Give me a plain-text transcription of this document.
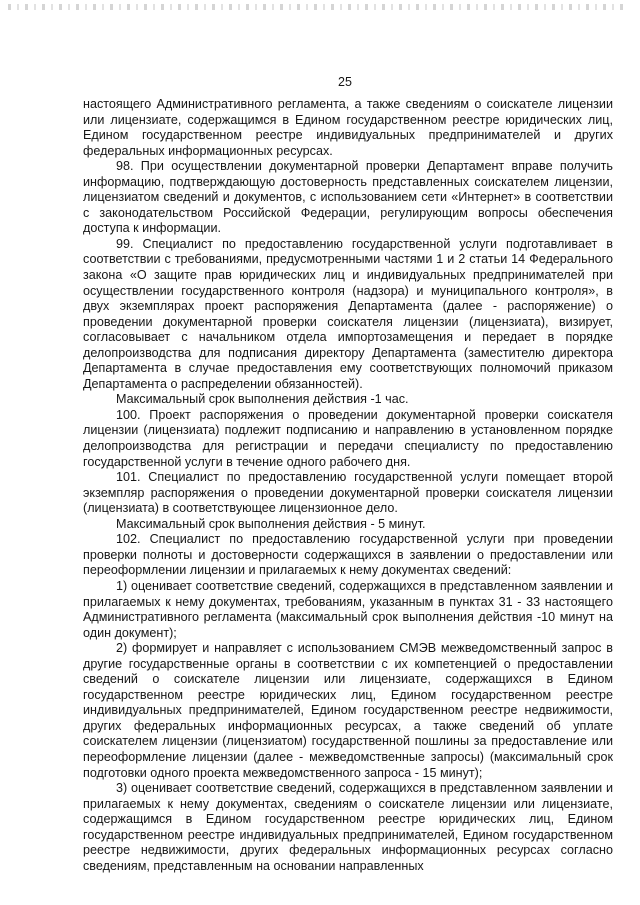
25

настоящего Административного регламента, а также сведениям о соискателе лицензии или лицензиате, содержащимся в Едином государственном реестре юридических лиц, Едином государственном реестре индивидуальных предпринимателей и других федеральных информационных ресурсах.

98. При осуществлении документарной проверки Департамент вправе получить информацию, подтверждающую достоверность представленных соискателем лицензии, лицензиатом сведений и документов, с использованием сети «Интернет» в соответствии с законодательством Российской Федерации, регулирующим вопросы обеспечения доступа к информации.

99. Специалист по предоставлению государственной услуги подготавливает в соответствии с требованиями, предусмотренными частями 1 и 2 статьи 14 Федерального закона «О защите прав юридических лиц и индивидуальных предпринимателей при осуществлении государственного контроля (надзора) и муниципального контроля», в двух экземплярах проект распоряжения Департамента (далее - распоряжение) о проведении документарной проверки соискателя лицензии (лицензиата), визирует, согласовывает с начальником отдела импортозамещения и передает в порядке делопроизводства для подписания директору Департамента (заместителю директора Департамента в случае предоставления ему соответствующих полномочий приказом Департамента о распределении обязанностей).

Максимальный срок выполнения действия -1 час.

100. Проект распоряжения о проведении документарной проверки соискателя лицензии (лицензиата) подлежит подписанию и направлению в установленном порядке делопроизводства для регистрации и передачи специалисту по предоставлению государственной услуги в течение одного рабочего дня.

101. Специалист по предоставлению государственной услуги помещает второй экземпляр распоряжения о проведении документарной проверки соискателя лицензии (лицензиата) в соответствующее лицензионное дело.

Максимальный срок выполнения действия - 5 минут.

102. Специалист по предоставлению государственной услуги при проведении проверки полноты и достоверности содержащихся в заявлении о предоставлении или переоформлении лицензии и прилагаемых к нему документах сведений:

1) оценивает соответствие сведений, содержащихся в представленном заявлении и прилагаемых к нему документах, требованиям, указанным в пунктах 31 - 33 настоящего Административного регламента (максимальный срок выполнения действия -10 минут на один документ);

2) формирует и направляет с использованием СМЭВ межведомственный запрос в другие государственные органы в соответствии с их компетенцией о предоставлении сведений о соискателе лицензии или лицензиате, содержащихся в Едином государственном реестре юридических лиц, Едином государственном реестре индивидуальных предпринимателей, Едином государственном реестре недвижимости, других федеральных информационных ресурсах, а также сведений об уплате соискателем лицензии (лицензиатом) государственной пошлины за предоставление или переоформление лицензии (далее - межведомственные запросы) (максимальный срок подготовки одного проекта межведомственного запроса - 15 минут);

3) оценивает соответствие сведений, содержащихся в представленном заявлении и прилагаемых к нему документах, сведениям о соискателе лицензии или лицензиате, содержащимся в Едином государственном реестре юридических лиц, Едином государственном реестре индивидуальных предпринимателей, Едином государственном реестре недвижимости, других федеральных информационных ресурсах согласно сведениям, представленным на основании направленных
